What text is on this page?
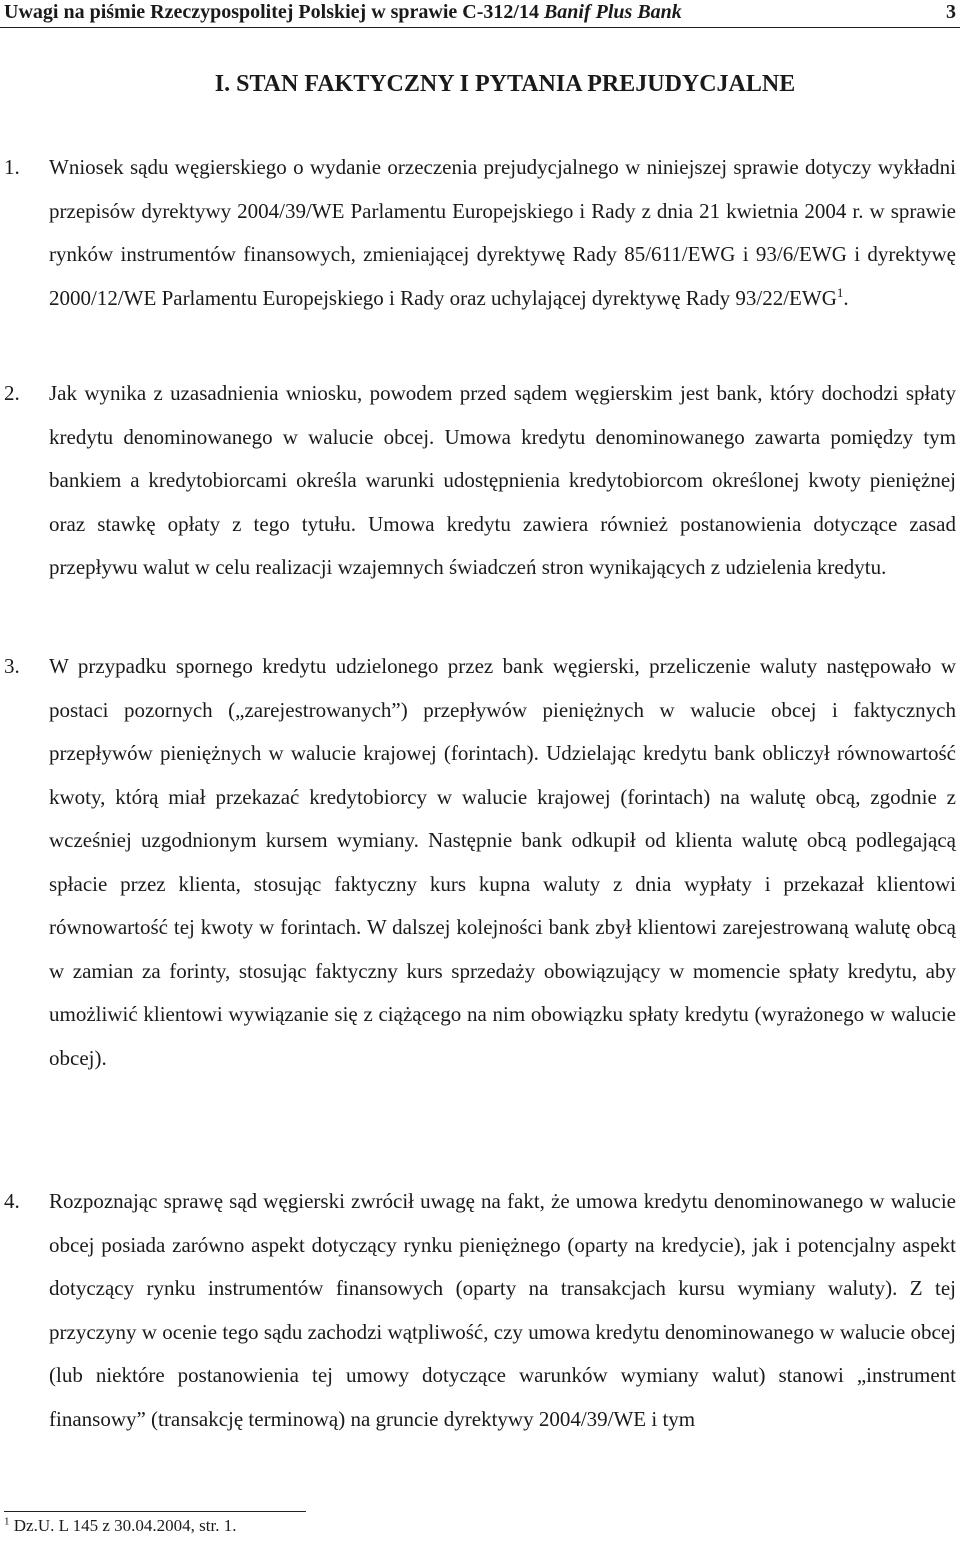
Uwagi na piśmie Rzeczypospolitej Polskiej w sprawie C-312/14 Banif Plus Bank	3
I. STAN FAKTYCZNY I PYTANIA PREJUDYCJALNE
1. Wniosek sądu węgierskiego o wydanie orzeczenia prejudycjalnego w niniejszej sprawie dotyczy wykładni przepisów dyrektywy 2004/39/WE Parlamentu Europejskiego i Rady z dnia 21 kwietnia 2004 r. w sprawie rynków instrumentów finansowych, zmieniającej dyrektywę Rady 85/611/EWG i 93/6/EWG i dyrektywę 2000/12/WE Parlamentu Europejskiego i Rady oraz uchylającej dyrektywę Rady 93/22/EWG$^1$.

2. Jak wynika z uzasadnienia wniosku, powodem przed sądem węgierskim jest bank, który dochodzi spłaty kredytu denominowanego w walucie obcej. Umowa kredytu denominowanego zawarta pomiędzy tym bankiem a kredytobiorcami określa warunki udostępnienia kredytobiorcom określonej kwoty pieniężnej oraz stawkę opłaty z tego tytułu. Umowa kredytu zawiera również postanowienia dotyczące zasad przepływu walut w celu realizacji wzajemnych świadczeń stron wynikających z udzielenia kredytu.

3. W przypadku spornego kredytu udzielonego przez bank węgierski, przeliczenie waluty następowało w postaci pozornych („zarejestrowanych”) przepływów pieniężnych w walucie obcej i faktycznych przepływów pieniężnych w walucie krajowej (forintach). Udzielając kredytu bank obliczył równowartość kwoty, którą miał przekazać kredytobiorcy w walucie krajowej (forintach) na walutę obcą, zgodnie z wcześniej uzgodnionym kursem wymiany. Następnie bank odkupił od klienta walutę obcą podlegającą spłacie przez klienta, stosując faktyczny kurs kupna waluty z dnia wypłaty i przekazał klientowi równowartość tej kwoty w forintach. W dalszej kolejności bank zbył klientowi zarejestrowaną walutę obcą w zamian za forinty, stosując faktyczny kurs sprzedaży obowiązujący w momencie spłaty kredytu, aby umożliwić klientowi wywiązanie się z ciążącego na nim obowiązku spłaty kredytu (wyrażonego w walucie obcej).

4. Rozpoznając sprawę sąd węgierski zwrócił uwagę na fakt, że umowa kredytu denominowanego w walucie obcej posiada zarówno aspekt dotyczący rynku pieniężnego (oparty na kredycie), jak i potencjalny aspekt dotyczący rynku instrumentów finansowych (oparty na transakcjach kursu wymiany waluty). Z tej przyczyny w ocenie tego sądu zachodzi wątpliwość, czy umowa kredytu denominowanego w walucie obcej (lub niektóre postanowienia tej umowy dotyczące warunków wymiany walut) stanowi „instrument finansowy” (transakcję terminową) na gruncie dyrektywy 2004/39/WE i tym

$^1$ Dz.U. L 145 z 30.04.2004, str. 1.
